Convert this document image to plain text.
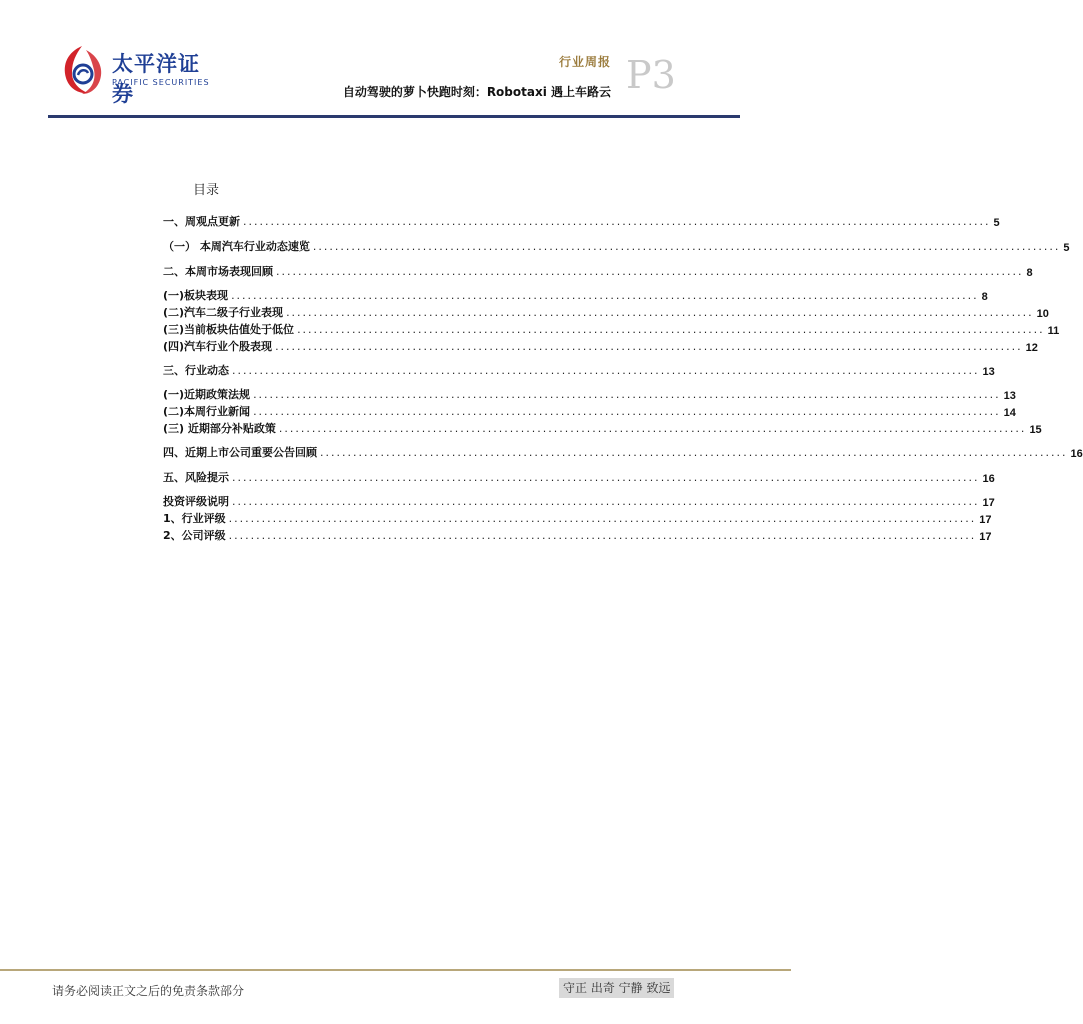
太平洋证券
PACIFIC SECURITIES
行业周报
自动驾驶的萝卜快跑时刻：Robotaxi 遇上车路云 P3
目录
一、周观点更新 ........................................................................................................................................ 5
（一） 本周汽车行业动态速览 ........................................................................................................................................ 5
二、本周市场表现回顾 ........................................................................................................................................ 8
(一)板块表现 ........................................................................................................................................ 8
(二)汽车二级子行业表现 ........................................................................................................................................ 10
(三)当前板块估值处于低位 ........................................................................................................................................ 11
(四)汽车行业个股表现 ........................................................................................................................................ 12
三、行业动态 ........................................................................................................................................ 13
(一)近期政策法规 ........................................................................................................................................ 13
(二)本周行业新闻 ........................................................................................................................................ 14
(三) 近期部分补贴政策 ........................................................................................................................................ 15
四、近期上市公司重要公告回顾 ........................................................................................................................................ 16
五、风险提示 ........................................................................................................................................ 16
投资评级说明 ........................................................................................................................................ 17
1、行业评级 ........................................................................................................................................ 17
2、公司评级 ........................................................................................................................................ 17
请务必阅读正文之后的免责条款部分	守正 出奇 宁静 致远
